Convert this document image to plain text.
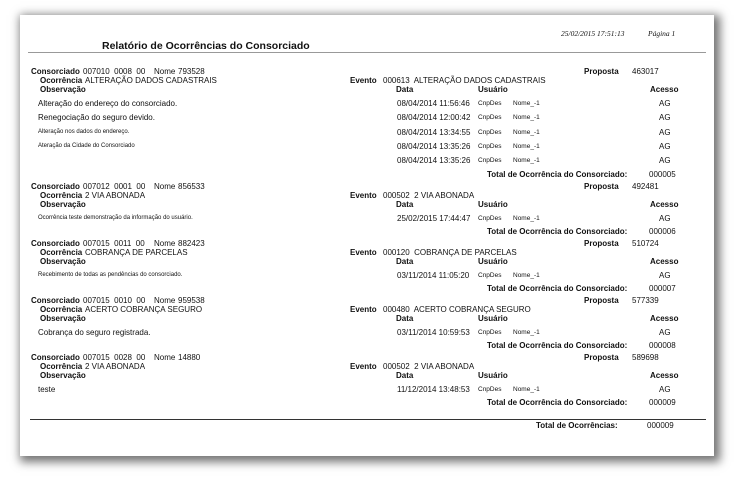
Relatório de Ocorrências do Consorciado
25/02/2015 17:51:13	Página 1
Consorciado 007010  0008  00 Nome 793528	Proposta 463017
Ocorrência ALTERAÇÃO DADOS CADASTRAIS	Evento 000613  ALTERAÇÃO DADOS CADASTRAIS
Observação	Data	Usuário	Acesso
Alteração do endereço do consorciado.	08/04/2014 11:56:46 CnpDes Nome_-1	AG
Renegociação do seguro devido.	08/04/2014 12:00:42 CnpDes Nome_-1	AG
Alteração nos dados do endereço.	08/04/2014 13:34:55 CnpDes Nome_-1	AG
Ateração da Cidade do Consorciado	08/04/2014 13:35:26 CnpDes Nome_-1	AG
08/04/2014 13:35:26 CnpDes Nome_-1	AG
Total de Ocorrência do Consorciado:	000005
Consorciado 007012  0001  00 Nome 856533	Proposta 492481
Ocorrência 2 VIA ABONADA	Evento 000502  2 VIA ABONADA
Observação	Data	Usuário	Acesso
Ocorrência teste demonstração da informação do usuário.	25/02/2015 17:44:47 CnpDes Nome_-1	AG
Total de Ocorrência do Consorciado:	000006
Consorciado 007015  0011  00 Nome 882423	Proposta 510724
Ocorrência COBRANÇA DE PARCELAS	Evento 000120  COBRANÇA DE PARCELAS
Observação	Data	Usuário	Acesso
Recebimento de todas as pendências do consorciado.	03/11/2014 11:05:20 CnpDes Nome_-1	AG
Total de Ocorrência do Consorciado:	000007
Consorciado 007015  0010  00 Nome 959538	Proposta 577339
Ocorrência ACERTO COBRANÇA SEGURO	Evento 000480  ACERTO COBRANÇA SEGURO
Observação	Data	Usuário	Acesso
Cobrança do seguro registrada.	03/11/2014 10:59:53 CnpDes Nome_-1	AG
Total de Ocorrência do Consorciado:	000008
Consorciado 007015  0028  00 Nome 14880	Proposta 589698
Ocorrência 2 VIA ABONADA	Evento 000502  2 VIA ABONADA
Observação	Data	Usuário	Acesso
teste	11/12/2014 13:48:53 CnpDes Nome_-1	AG
Total de Ocorrência do Consorciado:	000009
Total de Ocorrências:	000009
